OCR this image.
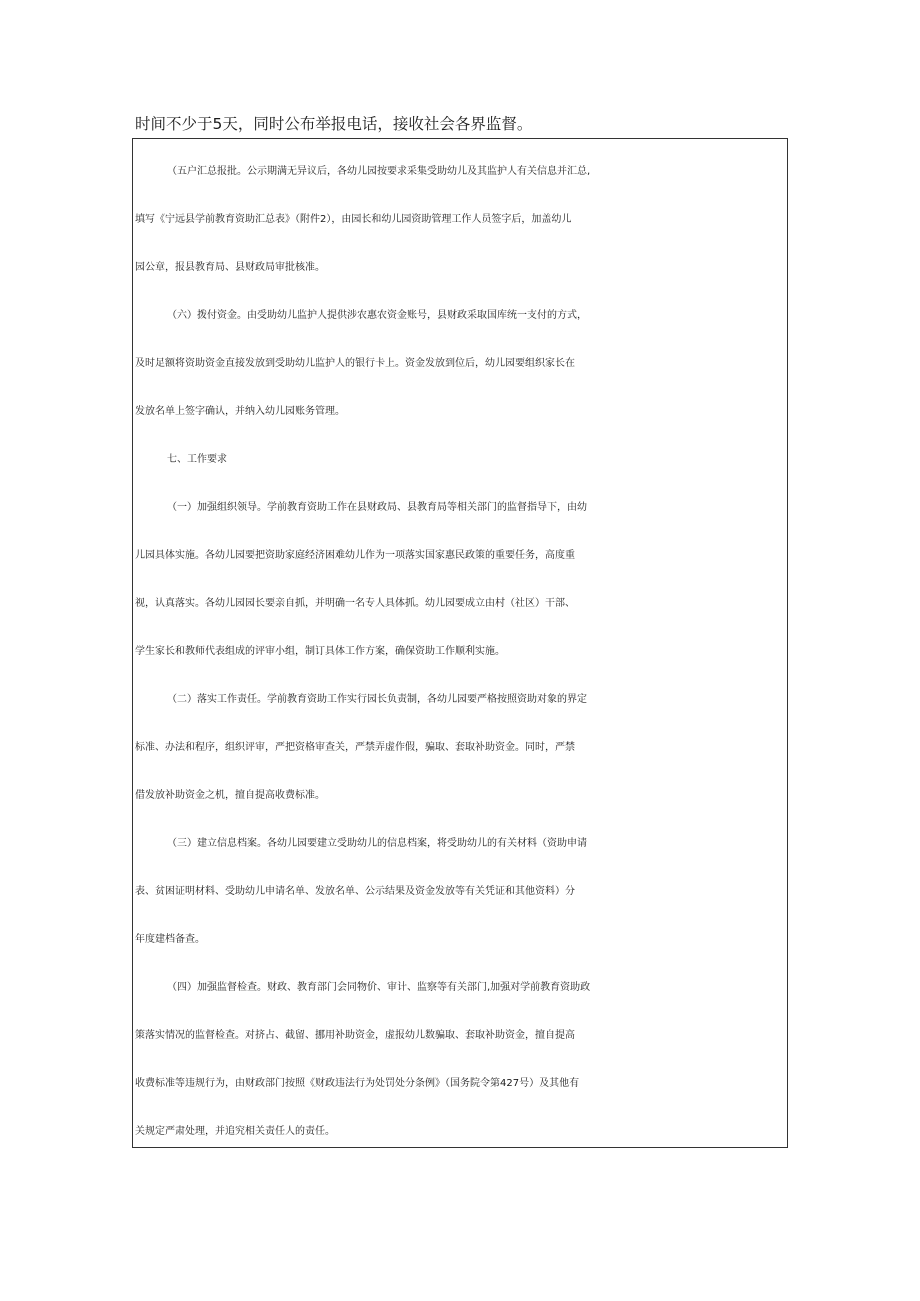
时间不少于5天，同时公布举报电话，接收社会各界监督。
（五户汇总报批。公示期满无异议后，各幼儿园按要求采集受助幼儿及其监护人有关信息并汇总,
填写《宁远县学前教育资助汇总表》（附件2），由园长和幼儿园资助管理工作人员签字后，加盖幼儿
园公章，报县教育局、县财政局审批核准。
（六）拨付资金。由受助幼儿监护人提供涉农惠农资金账号，县财政采取国库统一支付的方式，
及时足额将资助资金直接发放到受助幼儿监护人的银行卡上。资金发放到位后，幼儿园要组织家长在
发放名单上签字确认，并纳入幼儿园账务管理。
七、工作要求
（一）加强组织领导。学前教育资助工作在县财政局、县教育局等相关部门的监督指导下，由幼
儿园具体实施。各幼儿园要把资助家庭经济困难幼儿作为一项落实国家惠民政策的重要任务，高度重
视，认真落实。各幼儿园园长要亲自抓，并明确一名专人具体抓。幼儿园要成立由村（社区）干部、
学生家长和教师代表组成的评审小组，制订具体工作方案，确保资助工作顺利实施。
（二）落实工作责任。学前教育资助工作实行园长负责制，各幼儿园要严格按照资助对象的界定
标准、办法和程序，组织评审，严把资格审查关，严禁弄虚作假，骗取、套取补助资金。同时，严禁
借发放补助资金之机，擅自提高收费标准。
（三）建立信息档案。各幼儿园要建立受助幼儿的信息档案，将受助幼儿的有关材料（资助申请
表、贫困证明材料、受助幼儿申请名单、发放名单、公示结果及资金发放等有关凭证和其他资料）分
年度建档备查。
（四）加强监督检查。财政、教育部门会同物价、审计、监察等有关部门,加强对学前教育资助政
策落实情况的监督检查。对挤占、截留、挪用补助资金，虚报幼儿数骗取、套取补助资金，擅自提高
收费标准等违规行为，由财政部门按照《财政违法行为处罚处分条例》（国务院令第427号）及其他有
关规定严肃处理，并追究相关责任人的责任。
